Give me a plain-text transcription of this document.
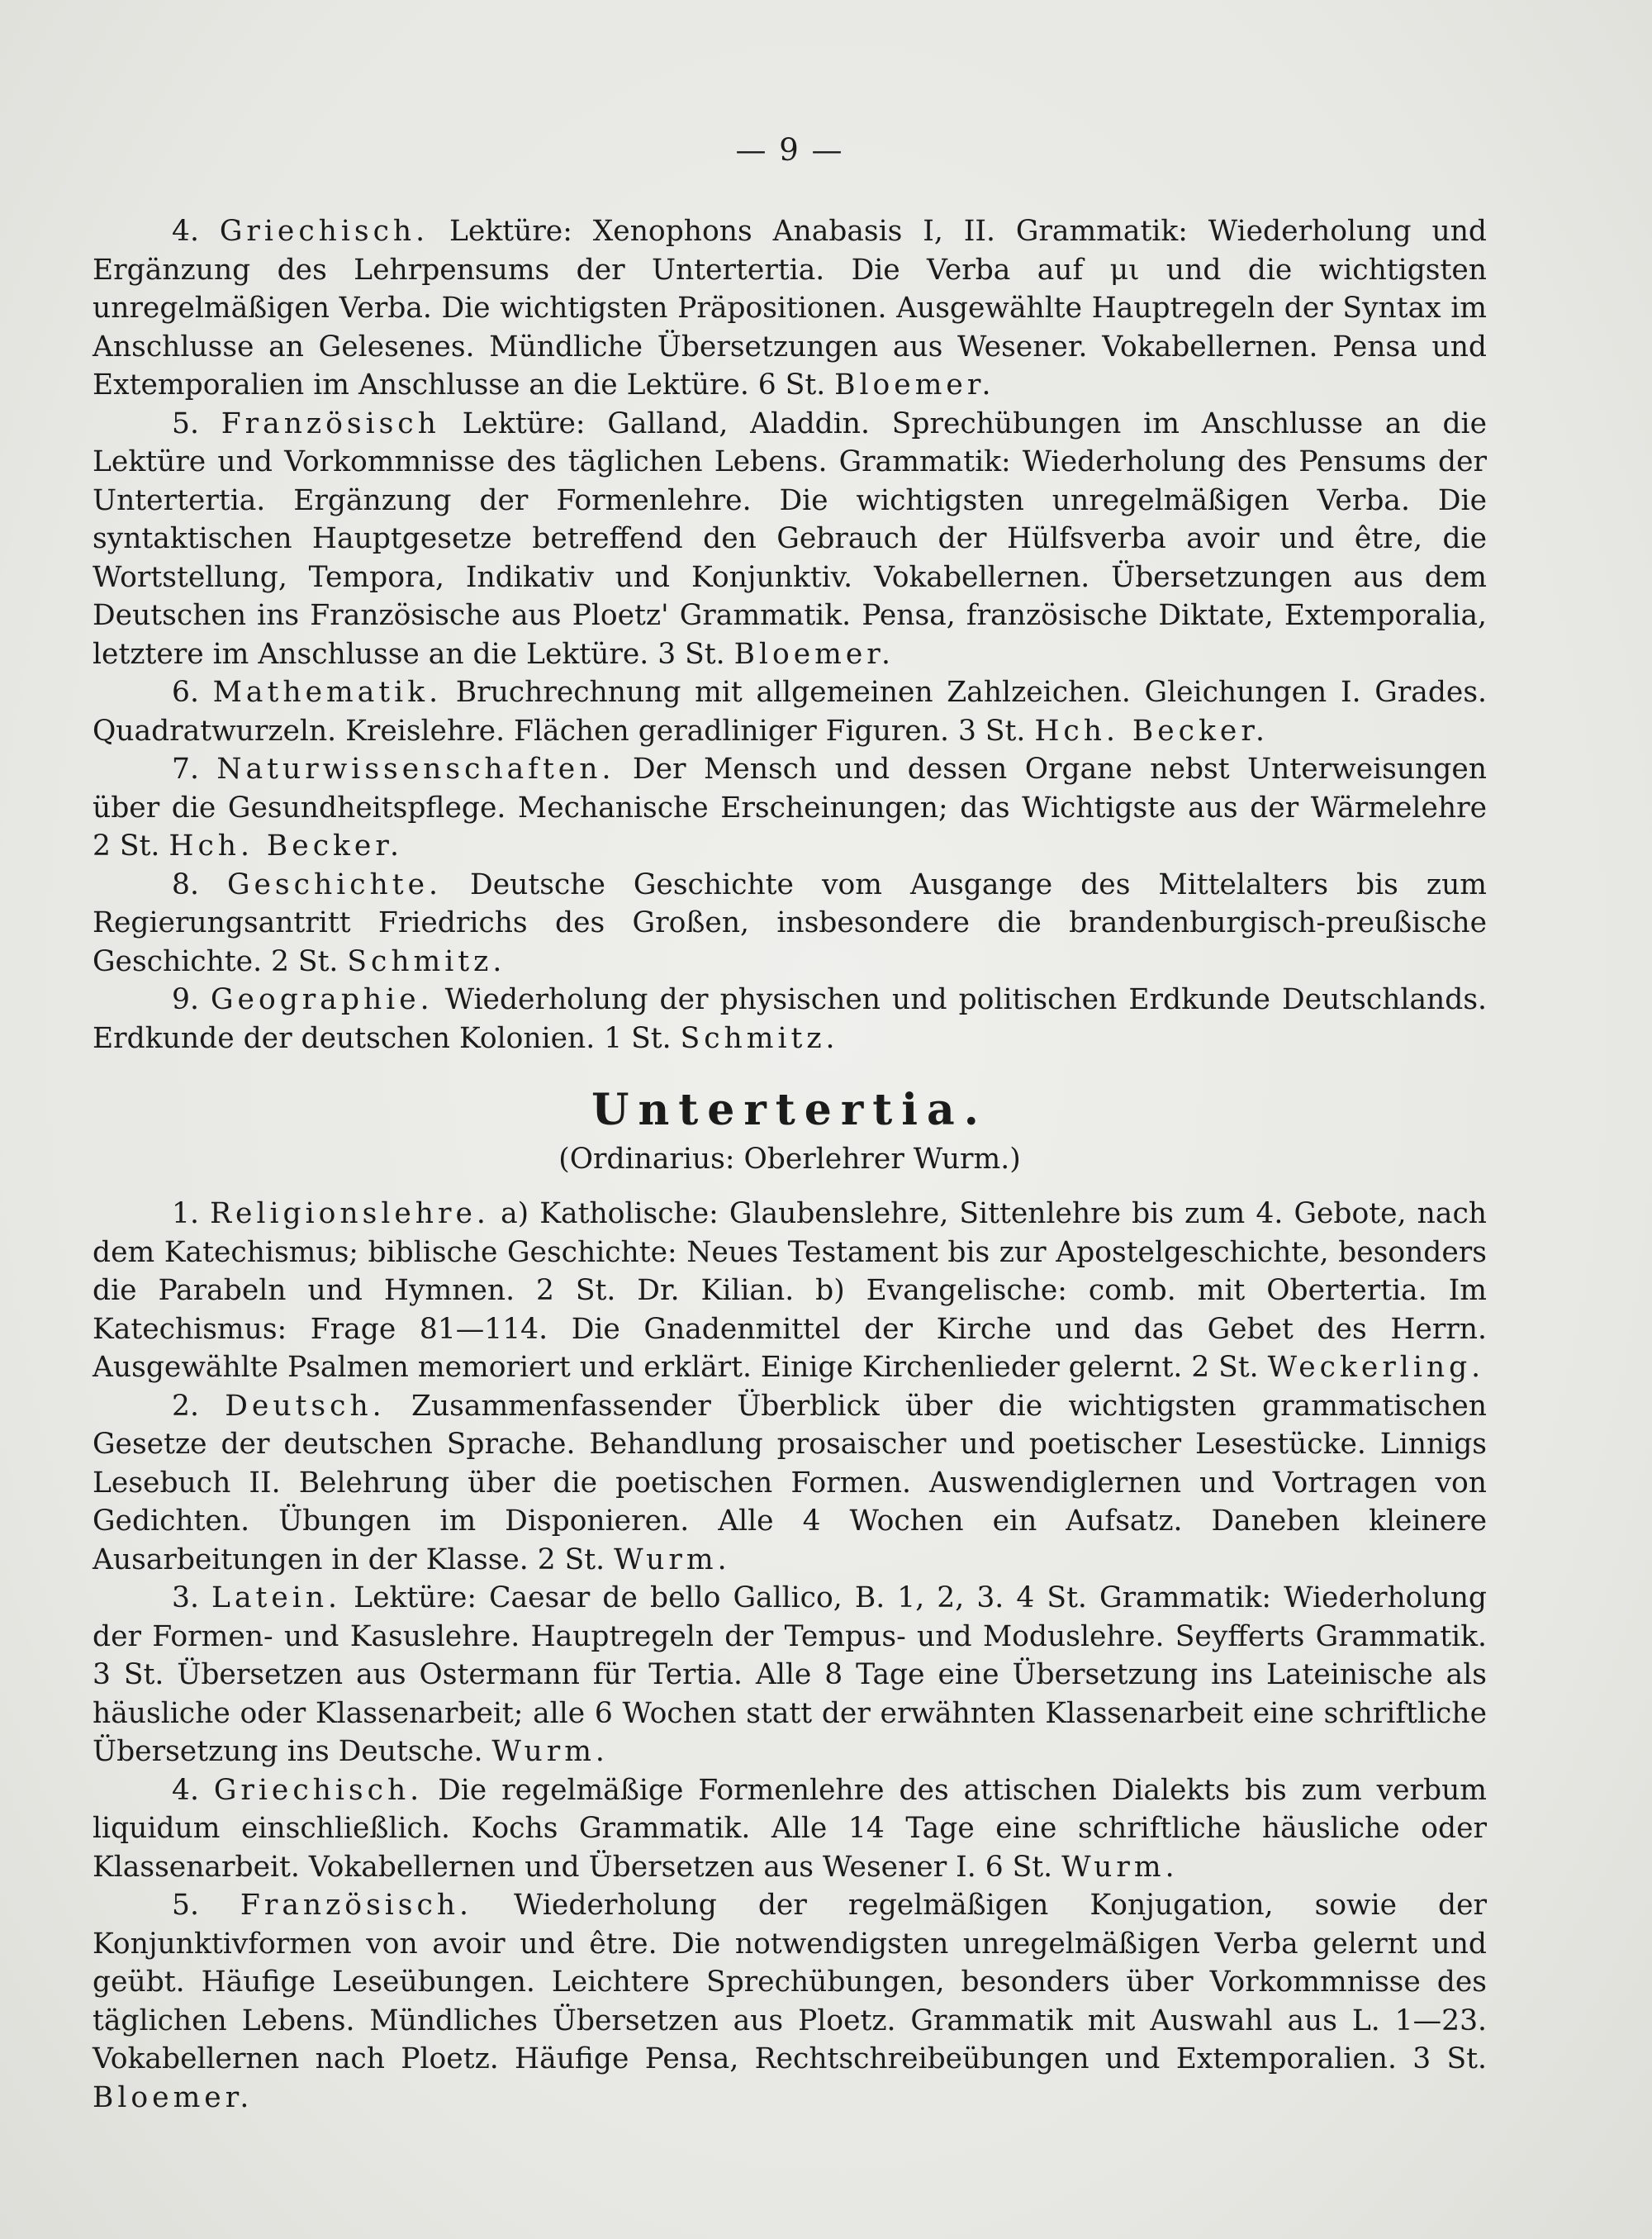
— 9 —

4. Griechisch. Lektüre: Xenophons Anabasis I, II. Grammatik: Wiederholung und Ergänzung des Lehrpensums der Untertertia. Die Verba auf μι und die wichtigsten unregelmäßigen Verba. Die wichtigsten Präpositionen. Ausgewählte Hauptregeln der Syntax im Anschlusse an Gelesenes. Mündliche Übersetzungen aus Wesener. Vokabellernen. Pensa und Extemporalien im Anschlusse an die Lektüre. 6 St. Bloemer.

5. Französisch Lektüre: Galland, Aladdin. Sprechübungen im Anschlusse an die Lektüre und Vorkommnisse des täglichen Lebens. Grammatik: Wiederholung des Pensums der Untertertia. Ergänzung der Formenlehre. Die wichtigsten unregelmäßigen Verba. Die syntaktischen Hauptgesetze betreffend den Gebrauch der Hülfsverba avoir und être, die Wortstellung, Tempora, Indikativ und Konjunktiv. Vokabellernen. Übersetzungen aus dem Deutschen ins Französische aus Ploetz' Grammatik. Pensa, französische Diktate, Extemporalia, letztere im Anschlusse an die Lektüre. 3 St. Bloemer.

6. Mathematik. Bruchrechnung mit allgemeinen Zahlzeichen. Gleichungen I. Grades. Quadratwurzeln. Kreislehre. Flächen geradliniger Figuren. 3 St. Hch. Becker.

7. Naturwissenschaften. Der Mensch und dessen Organe nebst Unterweisungen über die Gesundheitspflege. Mechanische Erscheinungen; das Wichtigste aus der Wärmelehre 2 St. Hch. Becker.

8. Geschichte. Deutsche Geschichte vom Ausgange des Mittelalters bis zum Regierungsantritt Friedrichs des Großen, insbesondere die brandenburgisch-preußische Geschichte. 2 St. Schmitz.

9. Geographie. Wiederholung der physischen und politischen Erdkunde Deutschlands. Erdkunde der deutschen Kolonien. 1 St. Schmitz.

Untertertia.
(Ordinarius: Oberlehrer Wurm.)

1. Religionslehre. a) Katholische: Glaubenslehre, Sittenlehre bis zum 4. Gebote, nach dem Katechismus; biblische Geschichte: Neues Testament bis zur Apostelgeschichte, besonders die Parabeln und Hymnen. 2 St. Dr. Kilian. b) Evangelische: comb. mit Obertertia. Im Katechismus: Frage 81—114. Die Gnadenmittel der Kirche und das Gebet des Herrn. Ausgewählte Psalmen memoriert und erklärt. Einige Kirchenlieder gelernt. 2 St. Weckerling.

2. Deutsch. Zusammenfassender Überblick über die wichtigsten grammatischen Gesetze der deutschen Sprache. Behandlung prosaischer und poetischer Lesestücke. Linnigs Lesebuch II. Belehrung über die poetischen Formen. Auswendiglernen und Vortragen von Gedichten. Übungen im Disponieren. Alle 4 Wochen ein Aufsatz. Daneben kleinere Ausarbeitungen in der Klasse. 2 St. Wurm.

3. Latein. Lektüre: Caesar de bello Gallico, B. 1, 2, 3. 4 St. Grammatik: Wiederholung der Formen- und Kasuslehre. Hauptregeln der Tempus- und Moduslehre. Seyfferts Grammatik. 3 St. Übersetzen aus Ostermann für Tertia. Alle 8 Tage eine Übersetzung ins Lateinische als häusliche oder Klassenarbeit; alle 6 Wochen statt der erwähnten Klassenarbeit eine schriftliche Übersetzung ins Deutsche. Wurm.

4. Griechisch. Die regelmäßige Formenlehre des attischen Dialekts bis zum verbum liquidum einschließlich. Kochs Grammatik. Alle 14 Tage eine schriftliche häusliche oder Klassenarbeit. Vokabellernen und Übersetzen aus Wesener I. 6 St. Wurm.

5. Französisch. Wiederholung der regelmäßigen Konjugation, sowie der Konjunktivformen von avoir und être. Die notwendigsten unregelmäßigen Verba gelernt und geübt. Häufige Leseübungen. Leichtere Sprechübungen, besonders über Vorkommnisse des täglichen Lebens. Mündliches Übersetzen aus Ploetz. Grammatik mit Auswahl aus L. 1—23. Vokabellernen nach Ploetz. Häufige Pensa, Rechtschreibeübungen und Extemporalien. 3 St. Bloemer.
